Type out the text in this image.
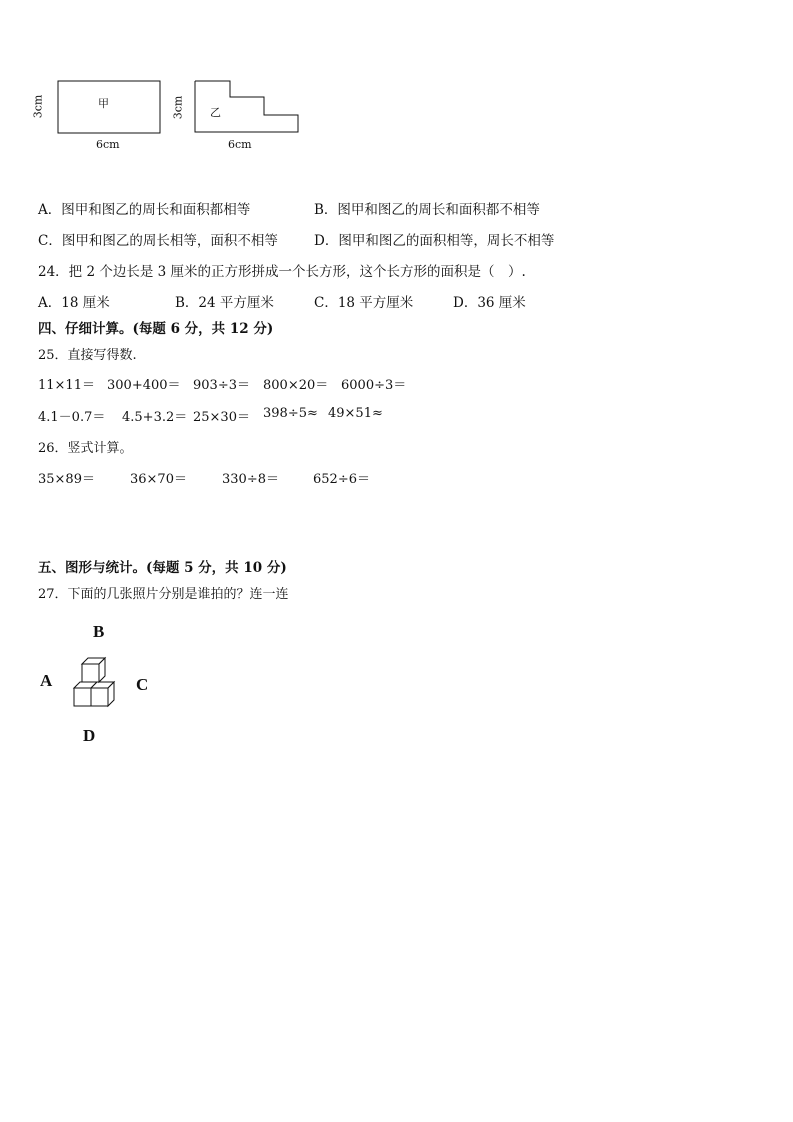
甲
3cm
6cm
乙
3cm
6cm
A．图甲和图乙的周长和面积都相等	B．图甲和图乙的周长和面积都不相等
C．图甲和图乙的周长相等，面积不相等	D．图甲和图乙的面积相等，周长不相等
24．把 2 个边长是 3 厘米的正方形拼成一个长方形，这个长方形的面积是（　）.
A．18 厘米	B．24 平方厘米	C．18 平方厘米	D．36 厘米
四、仔细计算。(每题 6 分，共 12 分)
25．直接写得数.
11×11＝ 300+400＝ 903÷3＝ 800×20＝ 6000÷3＝
4.1－0.7＝ 4.5+3.2＝ 25×30＝ 398÷5≈ 49×51≈
26．竖式计算。
35×89＝	36×70＝	330÷8＝	652÷6＝
五、图形与统计。(每题 5 分，共 10 分)
27．下面的几张照片分别是谁拍的？连一连
B
A	C
D
